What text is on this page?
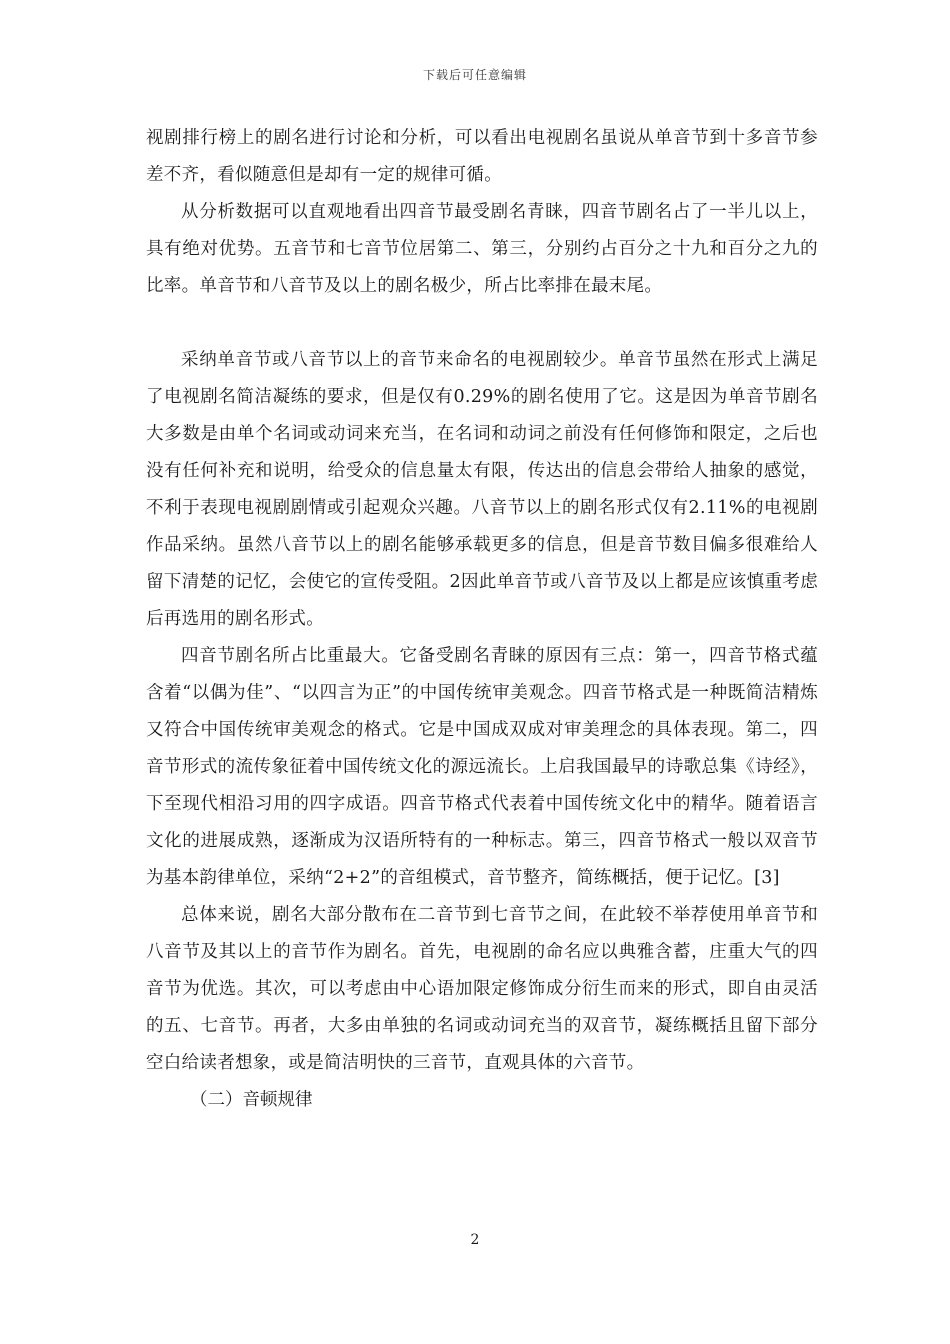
下载后可任意编辑

视剧排行榜上的剧名进行讨论和分析，可以看出电视剧名虽说从单音节到十多音节参差不齐，看似随意但是却有一定的规律可循。

从分析数据可以直观地看出四音节最受剧名青睐，四音节剧名占了一半儿以上，具有绝对优势。五音节和七音节位居第二、第三，分别约占百分之十九和百分之九的比率。单音节和八音节及以上的剧名极少，所占比率排在最末尾。

采纳单音节或八音节以上的音节来命名的电视剧较少。单音节虽然在形式上满足了电视剧名简洁凝练的要求，但是仅有0.29%的剧名使用了它。这是因为单音节剧名大多数是由单个名词或动词来充当，在名词和动词之前没有任何修饰和限定，之后也没有任何补充和说明，给受众的信息量太有限，传达出的信息会带给人抽象的感觉，不利于表现电视剧剧情或引起观众兴趣。八音节以上的剧名形式仅有2.11%的电视剧作品采纳。虽然八音节以上的剧名能够承载更多的信息，但是音节数目偏多很难给人留下清楚的记忆，会使它的宣传受阻。2因此单音节或八音节及以上都是应该慎重考虑后再选用的剧名形式。

四音节剧名所占比重最大。它备受剧名青睐的原因有三点：第一，四音节格式蕴含着“以偶为佳”、“以四言为正”的中国传统审美观念。四音节格式是一种既简洁精炼又符合中国传统审美观念的格式。它是中国成双成对审美理念的具体表现。第二，四音节形式的流传象征着中国传统文化的源远流长。上启我国最早的诗歌总集《诗经》，下至现代相沿习用的四字成语。四音节格式代表着中国传统文化中的精华。随着语言文化的进展成熟，逐渐成为汉语所特有的一种标志。第三，四音节格式一般以双音节为基本韵律单位，采纳“2+2”的音组模式，音节整齐，简练概括，便于记忆。[3]

总体来说，剧名大部分散布在二音节到七音节之间，在此较不举荐使用单音节和八音节及其以上的音节作为剧名。首先，电视剧的命名应以典雅含蓄，庄重大气的四音节为优选。其次，可以考虑由中心语加限定修饰成分衍生而来的形式，即自由灵活的五、七音节。再者，大多由单独的名词或动词充当的双音节，凝练概括且留下部分空白给读者想象，或是简洁明快的三音节，直观具体的六音节。

（二）音顿规律

2
